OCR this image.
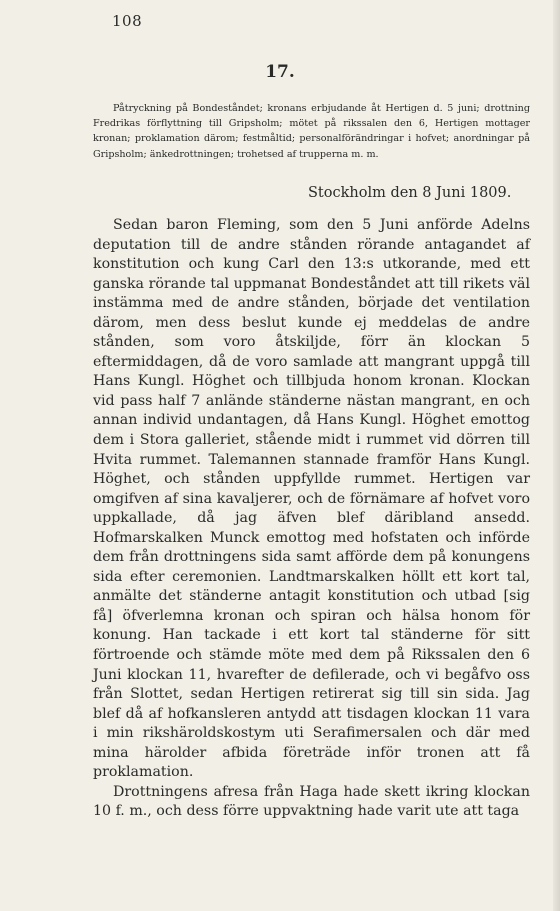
108
17.

Påtryckning på Bondeståndet; kronans erbjudande åt Hertigen d. 5 juni; drottning Fredrikas förflyttning till Gripsholm; mötet på rikssalen den 6, Hertigen mottager kronan; proklamation därom; festmåltid; personalförändringar i hofvet; anordningar på Gripsholm; änkedrottningen; trohetsed af trupperna m. m.

Stockholm den 8 Juni 1809.

Sedan baron Fleming, som den 5 Juni anförde Adelns deputation till de andre stånden rörande antagandet af konstitution och kung Carl den 13:s utkorande, med ett ganska rörande tal uppmanat Bondeståndet att till rikets väl instämma med de andre stånden, började det ventilation därom, men dess beslut kunde ej meddelas de andre stånden, som voro åtskiljde, förr än klockan 5 eftermiddagen, då de voro samlade att mangrant uppgå till Hans Kungl. Höghet och tillbjuda honom kronan. Klockan vid pass half 7 anlände ständerne nästan mangrant, en och annan individ undantagen, då Hans Kungl. Höghet emottog dem i Stora galleriet, stående midt i rummet vid dörren till Hvita rummet. Talemannen stannade framför Hans Kungl. Höghet, och stånden uppfyllde rummet. Hertigen var omgifven af sina kavaljerer, och de förnämare af hofvet voro uppkallade, då jag äfven blef däribland ansedd. Hofmarskalken Munck emottog med hofstaten och införde dem från drottningens sida samt afförde dem på konungens sida efter ceremonien. Landtmarskalken höllt ett kort tal, anmälte det ständerne antagit konstitution och utbad [sig få] öfverlemna kronan och spiran och hälsa honom för konung. Han tackade i ett kort tal ständerne för sitt förtroende och stämde möte med dem på Rikssalen den 6 Juni klockan 11, hvarefter de defilerade, och vi begåfvo oss från Slottet, sedan Hertigen retirerat sig till sin sida. Jag blef då af hofkansleren antydd att tisdagen klockan 11 vara i min rikshäroldskostym uti Serafimersalen och där med mina härolder afbida företräde inför tronen att få proklamation.

Drottningens afresa från Haga hade skett ikring klockan 10 f. m., och dess förre uppvaktning hade varit ute att taga
